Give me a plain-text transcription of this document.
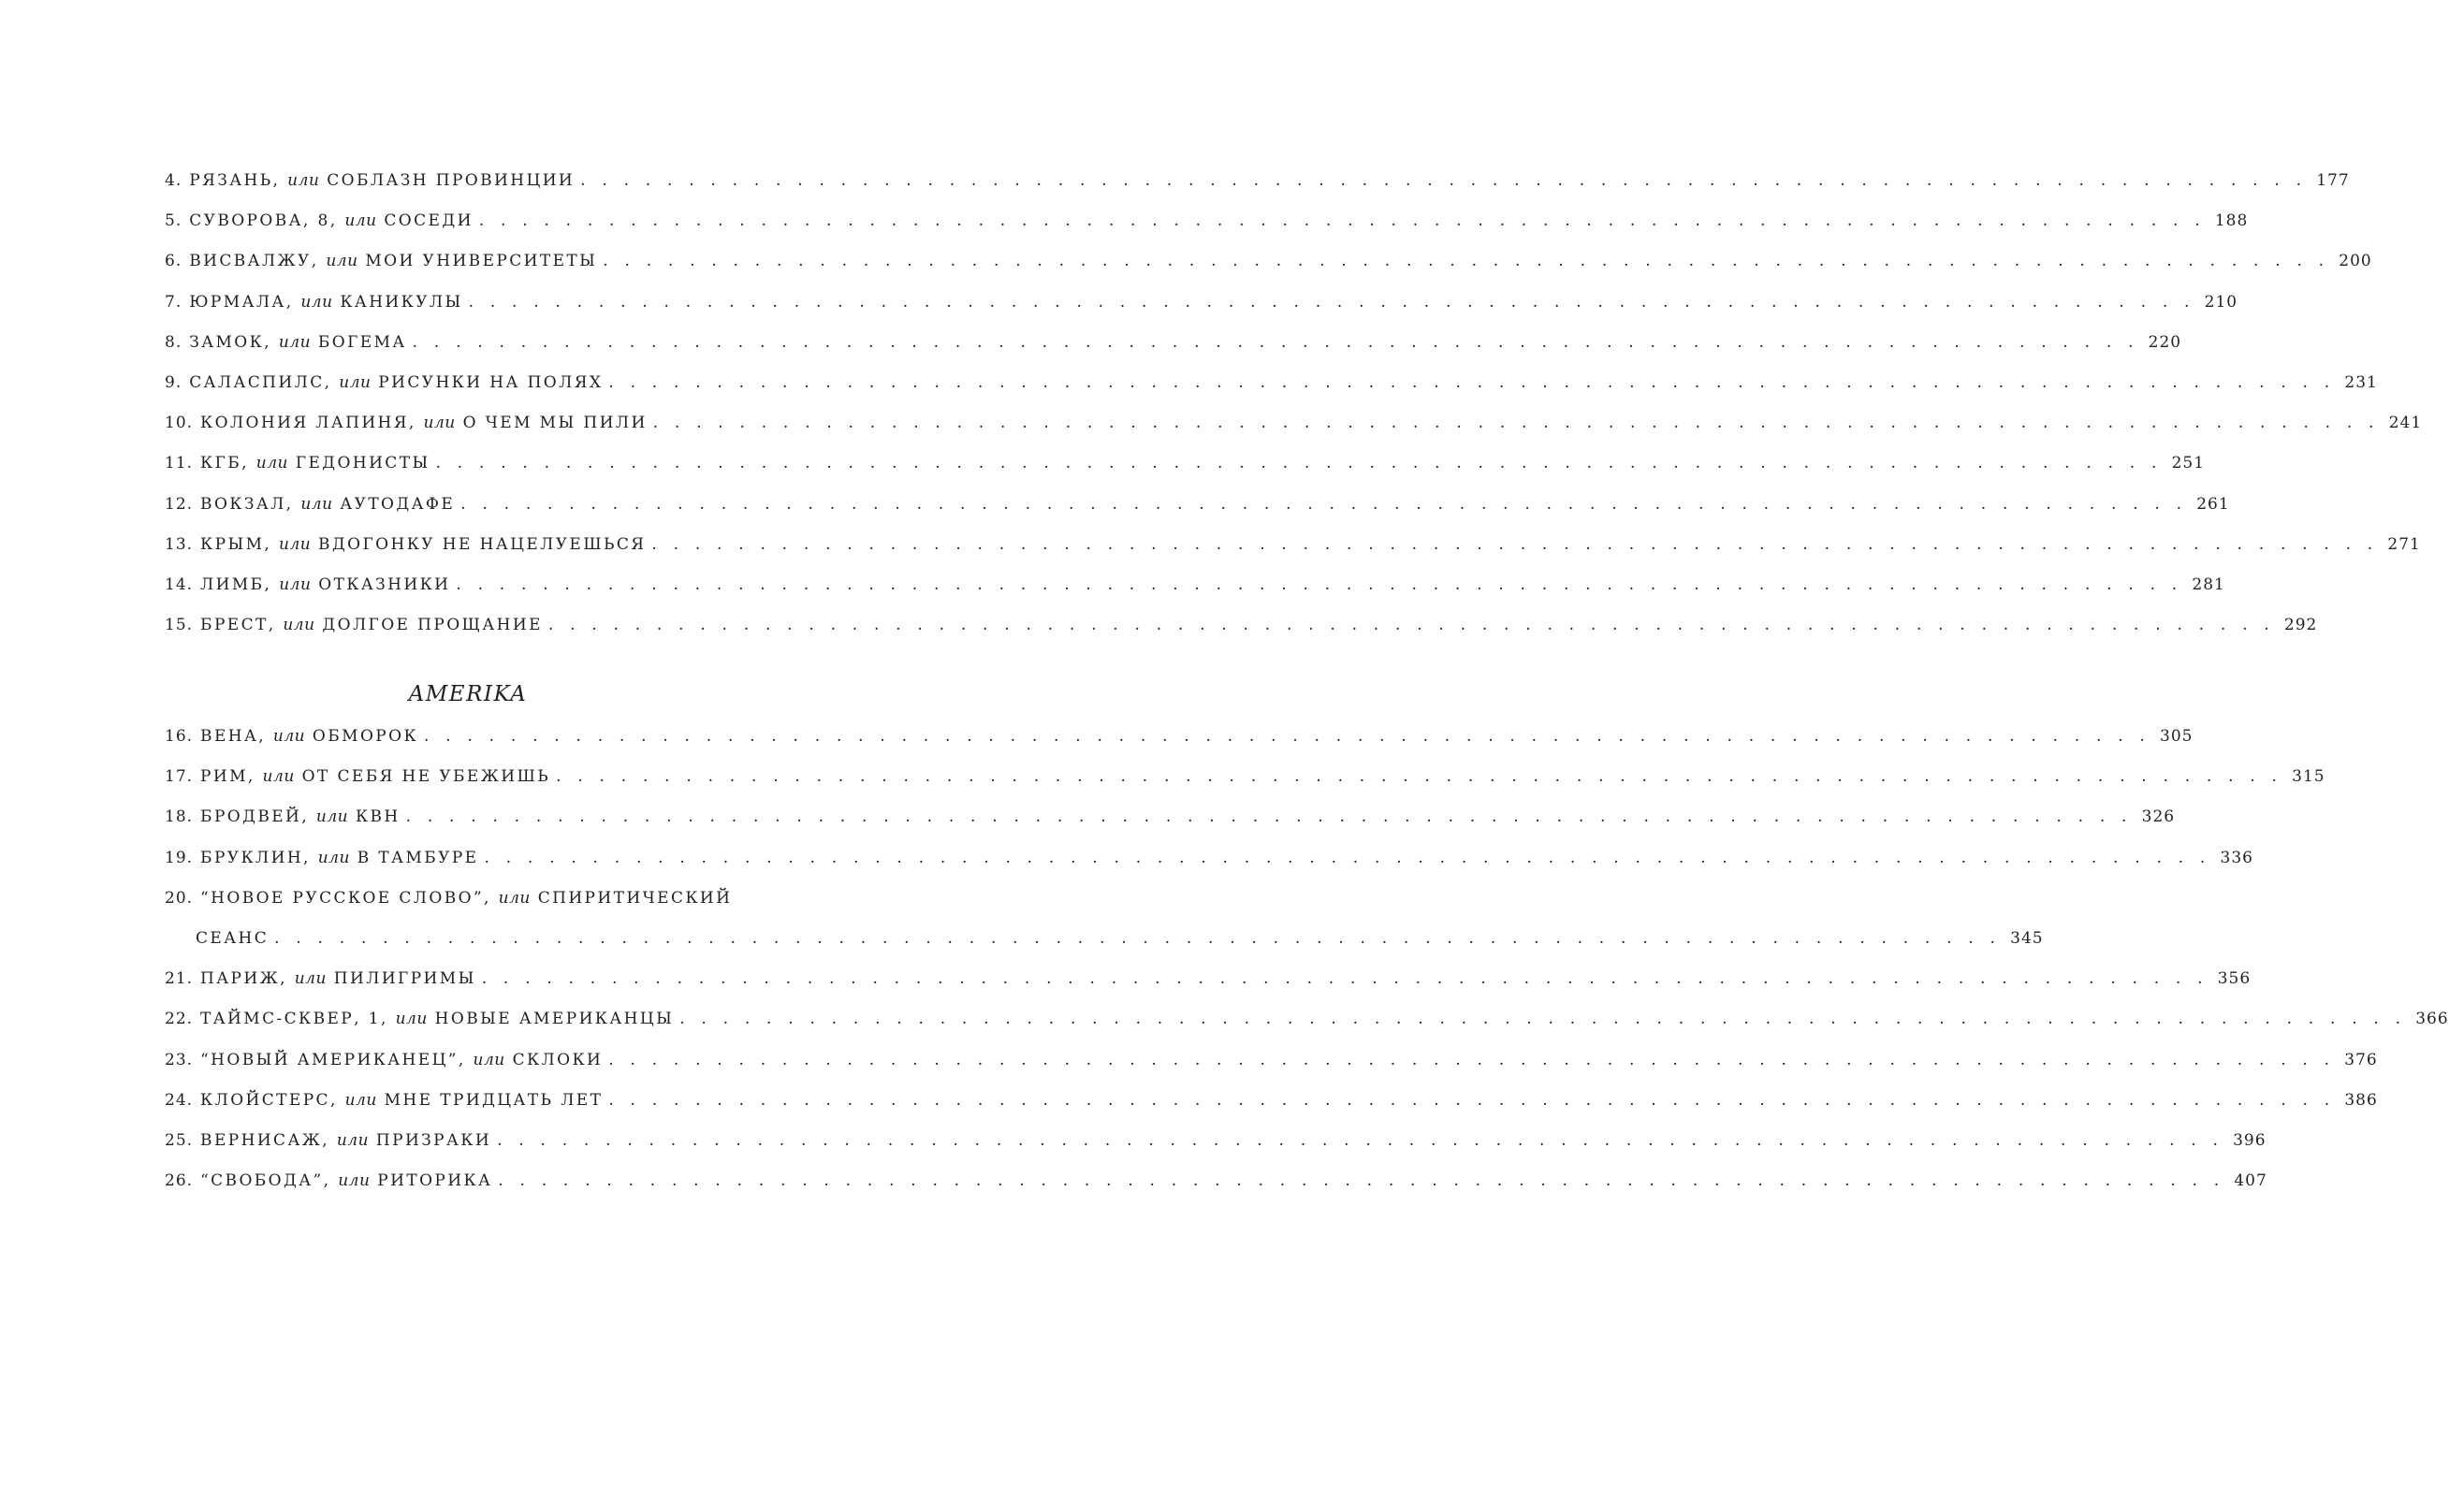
4. РЯЗАНЬ, или СОБЛАЗН ПРОВИНЦИИ . . . . . . . . . . . . . . . . . . . . . . . . . . . . . . . . . . . . . . . . . . . . . . . . . . . . . . . . . . . . . . . . . . . . . . . . . . . . . . . . 177
5. СУВОРОВА, 8, или СОСЕДИ . . . . . . . . . . . . . . . . . . . . . . . . . . . . . . . . . . . . . . . . . . . . . . . . . . . . . . . . . . . . . . . . . . . . . . . . . . . . . . . . 188
6. ВИСВАЛЖУ, или МОИ УНИВЕРСИТЕТЫ . . . . . . . . . . . . . . . . . . . . . . . . . . . . . . . . . . . . . . . . . . . . . . . . . . . . . . . . . . . . . . . . . . . . . . . . . . . . . . . . 200
7. ЮРМАЛА, или КАНИКУЛЫ . . . . . . . . . . . . . . . . . . . . . . . . . . . . . . . . . . . . . . . . . . . . . . . . . . . . . . . . . . . . . . . . . . . . . . . . . . . . . . . . 210
8. ЗАМОК, или БОГЕМА . . . . . . . . . . . . . . . . . . . . . . . . . . . . . . . . . . . . . . . . . . . . . . . . . . . . . . . . . . . . . . . . . . . . . . . . . . . . . . . . 220
9. САЛАСПИЛС, или РИСУНКИ НА ПОЛЯХ . . . . . . . . . . . . . . . . . . . . . . . . . . . . . . . . . . . . . . . . . . . . . . . . . . . . . . . . . . . . . . . . . . . . . . . . . . . . . . . . 231
10. КОЛОНИЯ ЛАПИНЯ, или О ЧЕМ МЫ ПИЛИ . . . . . . . . . . . . . . . . . . . . . . . . . . . . . . . . . . . . . . . . . . . . . . . . . . . . . . . . . . . . . . . . . . . . . . . . . . . . . . . . 241
11. КГБ, или ГЕДОНИСТЫ . . . . . . . . . . . . . . . . . . . . . . . . . . . . . . . . . . . . . . . . . . . . . . . . . . . . . . . . . . . . . . . . . . . . . . . . . . . . . . . . 251
12. ВОКЗАЛ, или АУТОДАФЕ . . . . . . . . . . . . . . . . . . . . . . . . . . . . . . . . . . . . . . . . . . . . . . . . . . . . . . . . . . . . . . . . . . . . . . . . . . . . . . . . 261
13. КРЫМ, или ВДОГОНКУ НЕ НАЦЕЛУЕШЬСЯ . . . . . . . . . . . . . . . . . . . . . . . . . . . . . . . . . . . . . . . . . . . . . . . . . . . . . . . . . . . . . . . . . . . . . . . . . . . . . . . . 271
14. ЛИМБ, или ОТКАЗНИКИ . . . . . . . . . . . . . . . . . . . . . . . . . . . . . . . . . . . . . . . . . . . . . . . . . . . . . . . . . . . . . . . . . . . . . . . . . . . . . . . . 281
15. БРЕСТ, или ДОЛГОЕ ПРОЩАНИЕ . . . . . . . . . . . . . . . . . . . . . . . . . . . . . . . . . . . . . . . . . . . . . . . . . . . . . . . . . . . . . . . . . . . . . . . . . . . . . . . . 292
AMERIKA
16. ВЕНА, или ОБМОРОК . . . . . . . . . . . . . . . . . . . . . . . . . . . . . . . . . . . . . . . . . . . . . . . . . . . . . . . . . . . . . . . . . . . . . . . . . . . . . . . . 305
17. РИМ, или ОТ СЕБЯ НЕ УБЕЖИШЬ . . . . . . . . . . . . . . . . . . . . . . . . . . . . . . . . . . . . . . . . . . . . . . . . . . . . . . . . . . . . . . . . . . . . . . . . . . . . . . . . 315
18. БРОДВЕЙ, или КВН . . . . . . . . . . . . . . . . . . . . . . . . . . . . . . . . . . . . . . . . . . . . . . . . . . . . . . . . . . . . . . . . . . . . . . . . . . . . . . . . 326
19. БРУКЛИН, или В ТАМБУРЕ . . . . . . . . . . . . . . . . . . . . . . . . . . . . . . . . . . . . . . . . . . . . . . . . . . . . . . . . . . . . . . . . . . . . . . . . . . . . . . . . 336
20. “НОВОЕ РУССКОЕ СЛОВО”, или СПИРИТИЧЕСКИЙ
СЕАНС . . . . . . . . . . . . . . . . . . . . . . . . . . . . . . . . . . . . . . . . . . . . . . . . . . . . . . . . . . . . . . . . . . . . . . . . . . . . . . . . 345
21. ПАРИЖ, или ПИЛИГРИМЫ . . . . . . . . . . . . . . . . . . . . . . . . . . . . . . . . . . . . . . . . . . . . . . . . . . . . . . . . . . . . . . . . . . . . . . . . . . . . . . . . 356
22. ТАЙМС-СКВЕР, 1, или НОВЫЕ АМЕРИКАНЦЫ . . . . . . . . . . . . . . . . . . . . . . . . . . . . . . . . . . . . . . . . . . . . . . . . . . . . . . . . . . . . . . . . . . . . . . . . . . . . . . . . 366
23. “НОВЫЙ АМЕРИКАНЕЦ”, или СКЛОКИ . . . . . . . . . . . . . . . . . . . . . . . . . . . . . . . . . . . . . . . . . . . . . . . . . . . . . . . . . . . . . . . . . . . . . . . . . . . . . . . . 376
24. КЛОЙСТЕРС, или МНЕ ТРИДЦАТЬ ЛЕТ . . . . . . . . . . . . . . . . . . . . . . . . . . . . . . . . . . . . . . . . . . . . . . . . . . . . . . . . . . . . . . . . . . . . . . . . . . . . . . . . 386
25. ВЕРНИСАЖ, или ПРИЗРАКИ . . . . . . . . . . . . . . . . . . . . . . . . . . . . . . . . . . . . . . . . . . . . . . . . . . . . . . . . . . . . . . . . . . . . . . . . . . . . . . . . 396
26. “СВОБОДА”, или РИТОРИКА . . . . . . . . . . . . . . . . . . . . . . . . . . . . . . . . . . . . . . . . . . . . . . . . . . . . . . . . . . . . . . . . . . . . . . . . . . . . . . . . 407
